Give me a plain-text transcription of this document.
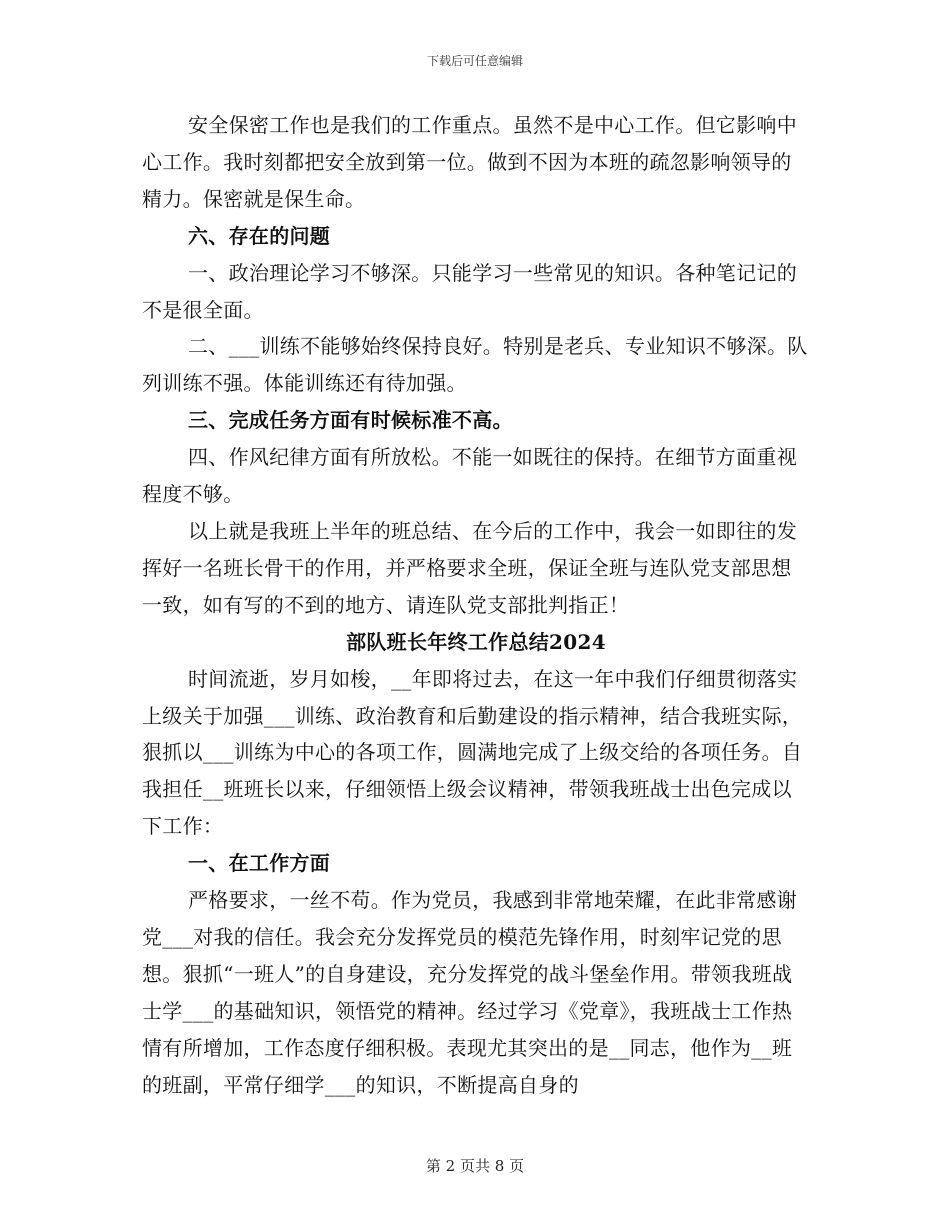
下载后可任意编辑

安全保密工作也是我们的工作重点。虽然不是中心工作。但它影响中心工作。我时刻都把安全放到第一位。做到不因为本班的疏忽影响领导的精力。保密就是保生命。

六、存在的问题

一、政治理论学习不够深。只能学习一些常见的知识。各种笔记记的不是很全面。

二、___训练不能够始终保持良好。特别是老兵、专业知识不够深。队列训练不强。体能训练还有待加强。

三、完成任务方面有时候标准不高。

四、作风纪律方面有所放松。不能一如既往的保持。在细节方面重视程度不够。

以上就是我班上半年的班总结、在今后的工作中，我会一如即往的发挥好一名班长骨干的作用，并严格要求全班，保证全班与连队党支部思想一致，如有写的不到的地方、请连队党支部批判指正！

部队班长年终工作总结2024

时间流逝，岁月如梭，__年即将过去，在这一年中我们仔细贯彻落实上级关于加强___训练、政治教育和后勤建设的指示精神，结合我班实际，狠抓以___训练为中心的各项工作，圆满地完成了上级交给的各项任务。自我担任__班班长以来，仔细领悟上级会议精神，带领我班战士出色完成以下工作：

一、在工作方面

严格要求，一丝不苟。作为党员，我感到非常地荣耀，在此非常感谢党___对我的信任。我会充分发挥党员的模范先锋作用，时刻牢记党的思想。狠抓“一班人”的自身建设，充分发挥党的战斗堡垒作用。带领我班战士学___的基础知识，领悟党的精神。经过学习《党章》，我班战士工作热情有所增加，工作态度仔细积极。表现尤其突出的是__同志，他作为__班的班副，平常仔细学___的知识，不断提高自身的

第 2 页共 8 页
